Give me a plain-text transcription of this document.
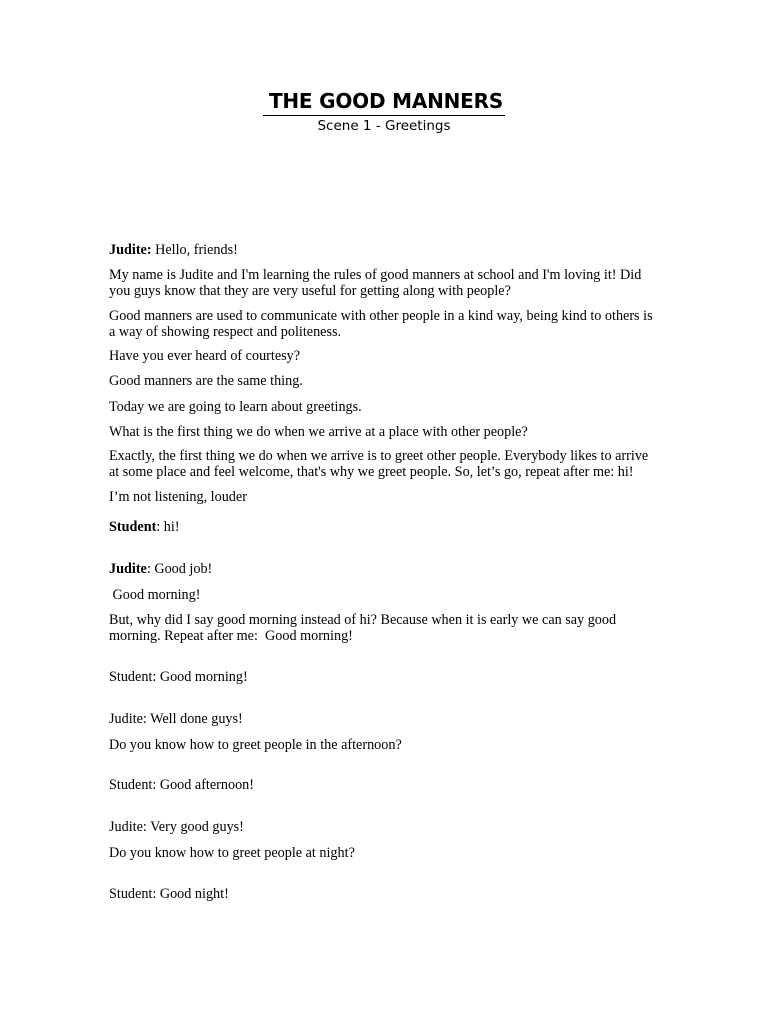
THE GOOD MANNERS
Scene 1 - Greetings

Judite: Hello, friends!

My name is Judite and I'm learning the rules of good manners at school and I'm loving it! Did
you guys know that they are very useful for getting along with people?

Good manners are used to communicate with other people in a kind way, being kind to others is
a way of showing respect and politeness.

Have you ever heard of courtesy?

Good manners are the same thing.

Today we are going to learn about greetings.

What is the first thing we do when we arrive at a place with other people?

Exactly, the first thing we do when we arrive is to greet other people. Everybody likes to arrive
at some place and feel welcome, that's why we greet people. So, let’s go, repeat after me: hi!

I’m not listening, louder

Student: hi!

Judite: Good job!

Good morning!

But, why did I say good morning instead of hi? Because when it is early we can say good
morning. Repeat after me:  Good morning!

Student: Good morning!

Judite: Well done guys!

Do you know how to greet people in the afternoon?

Student: Good afternoon!

Judite: Very good guys!

Do you know how to greet people at night?

Student: Good night!
